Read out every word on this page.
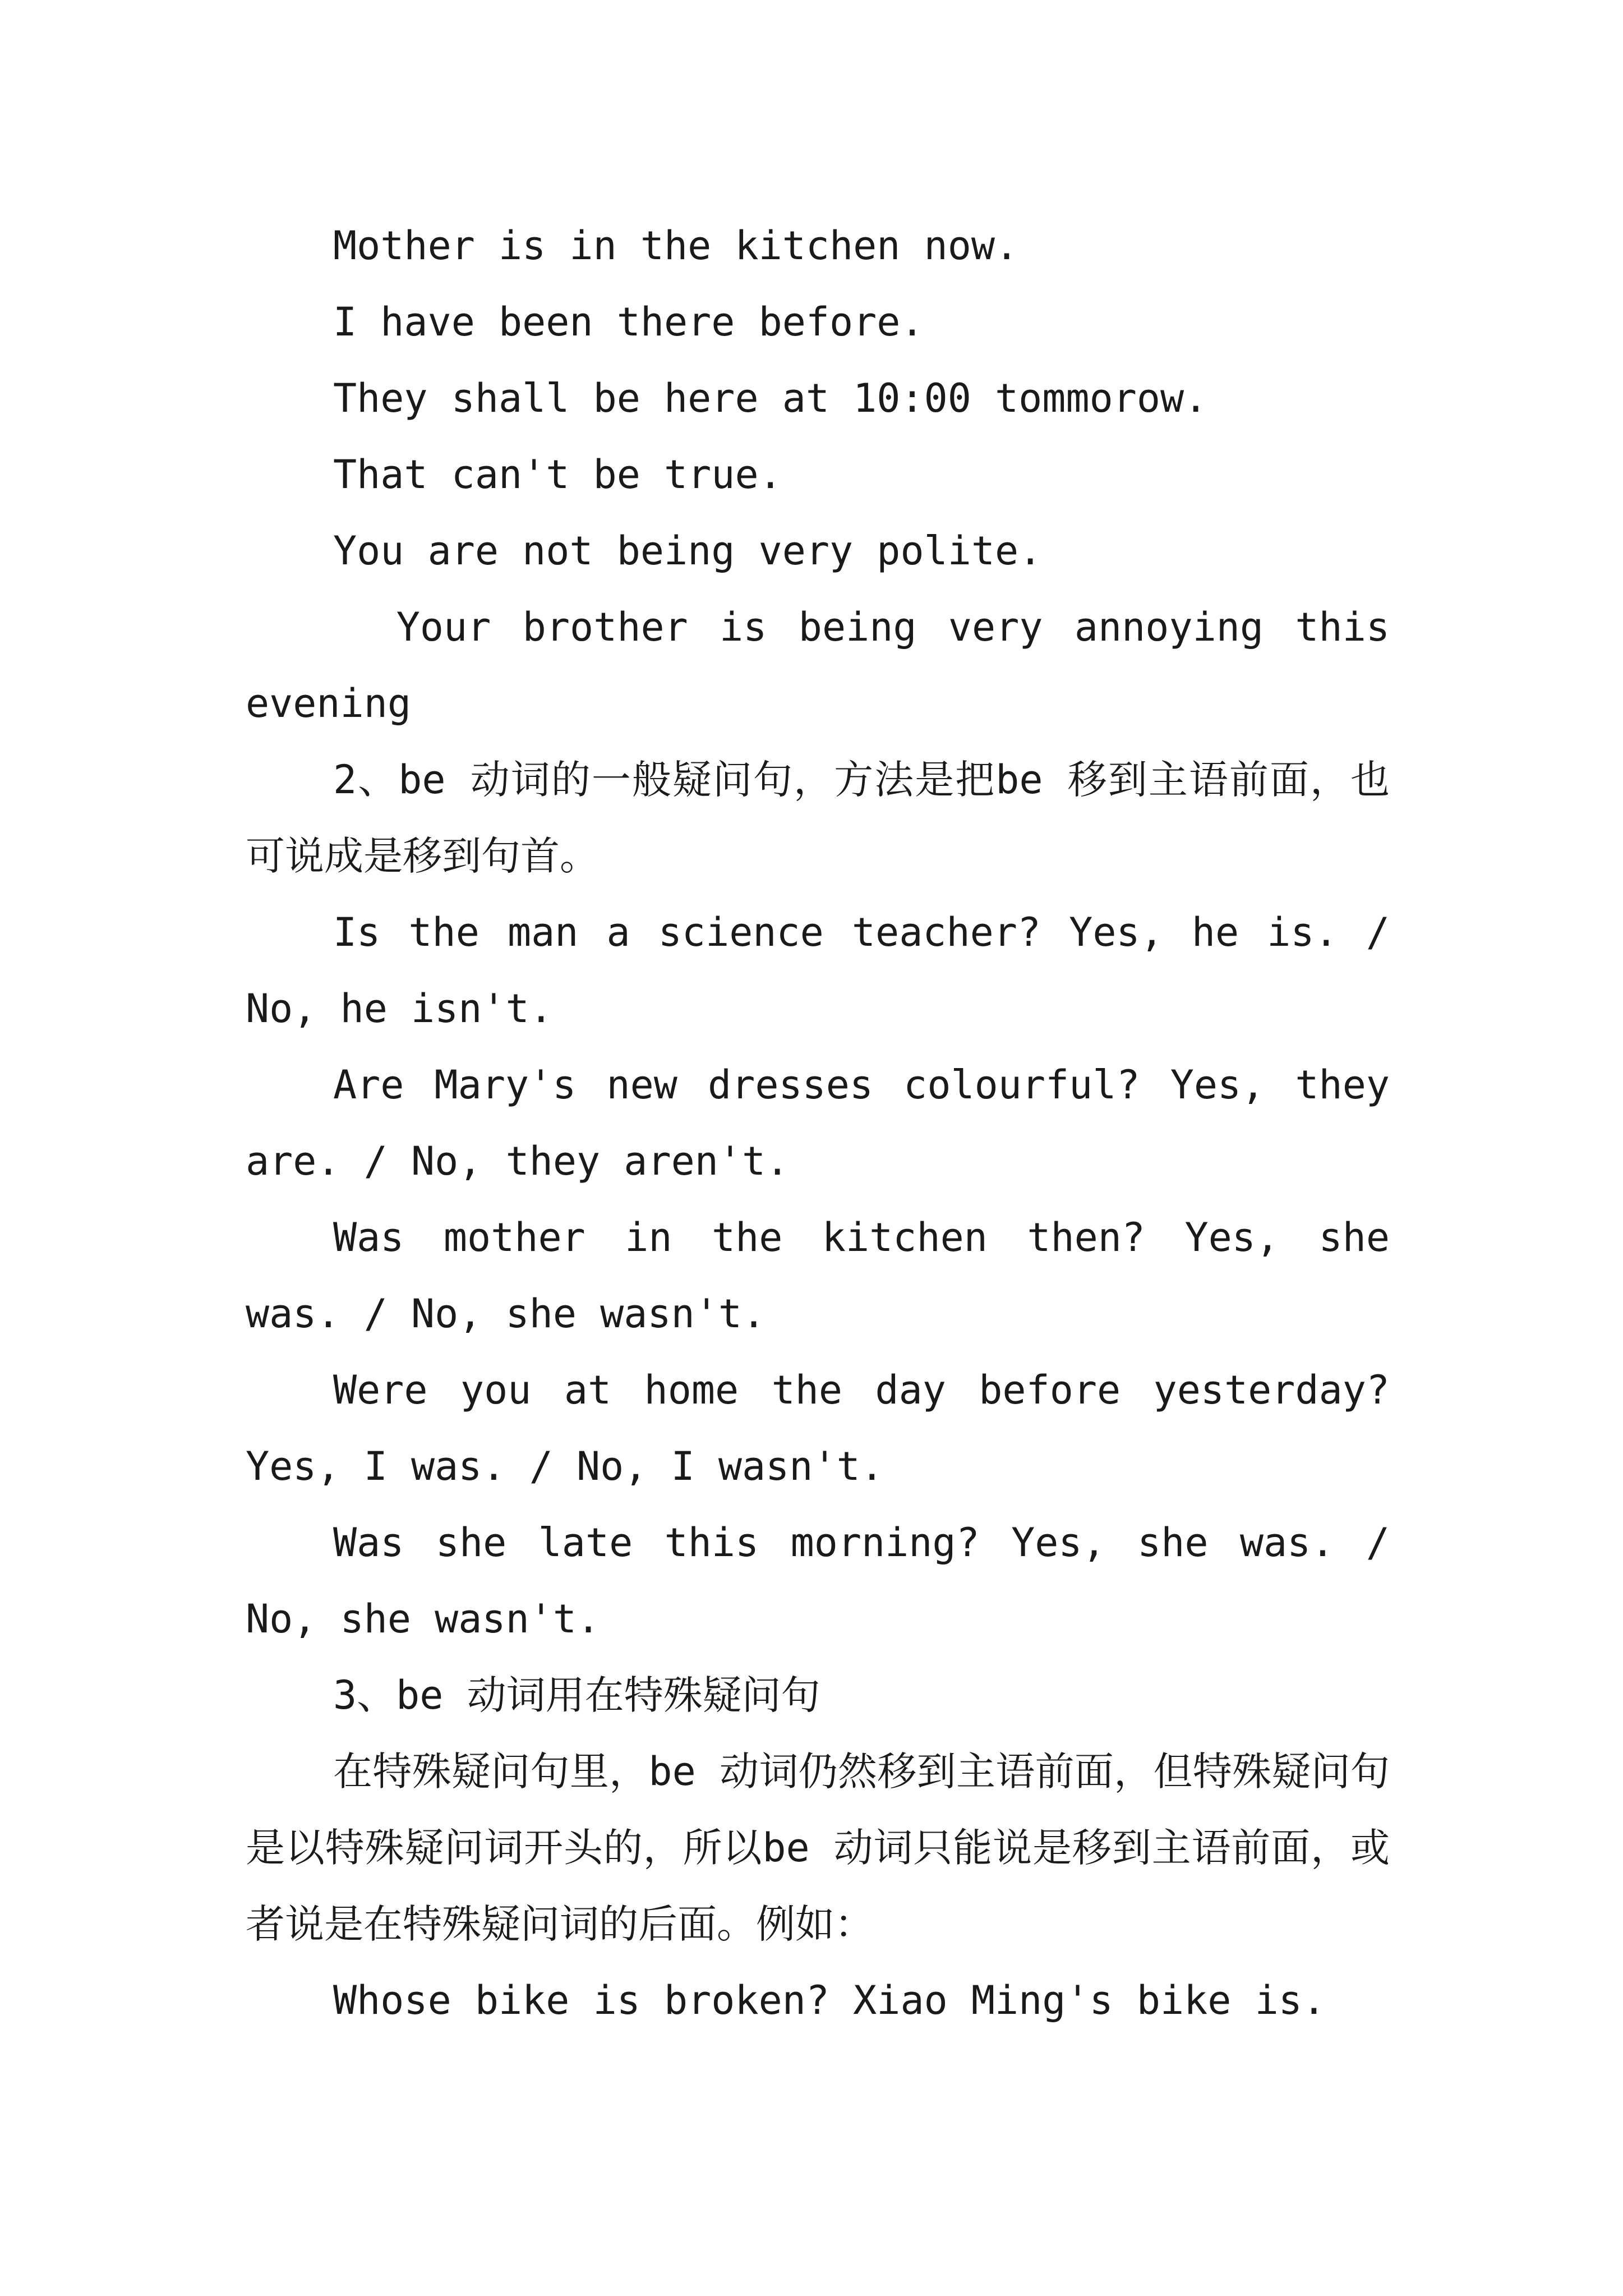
Mother is in the kitchen now.

I have been there before.

They shall be here at 10:00 tommorow.

That can't be true.

You are not being very polite.

Your brother is being very annoying this evening

2、be 动词的一般疑问句，方法是把be 移到主语前面，也可说成是移到句首。

Is the man a science teacher? Yes, he is. / No, he isn't.

Are Mary's new dresses colourful? Yes, they are. / No, they aren't.

Was mother in the kitchen then? Yes, she was. / No, she wasn't.

Were you at home the day before yesterday? Yes, I was. / No, I wasn't.

Was she late this morning? Yes, she was. / No, she wasn't.

3、be 动词用在特殊疑问句

在特殊疑问句里，be 动词仍然移到主语前面，但特殊疑问句是以特殊疑问词开头的，所以be 动词只能说是移到主语前面，或者说是在特殊疑问词的后面。例如：

Whose bike is broken? Xiao Ming's bike is.
